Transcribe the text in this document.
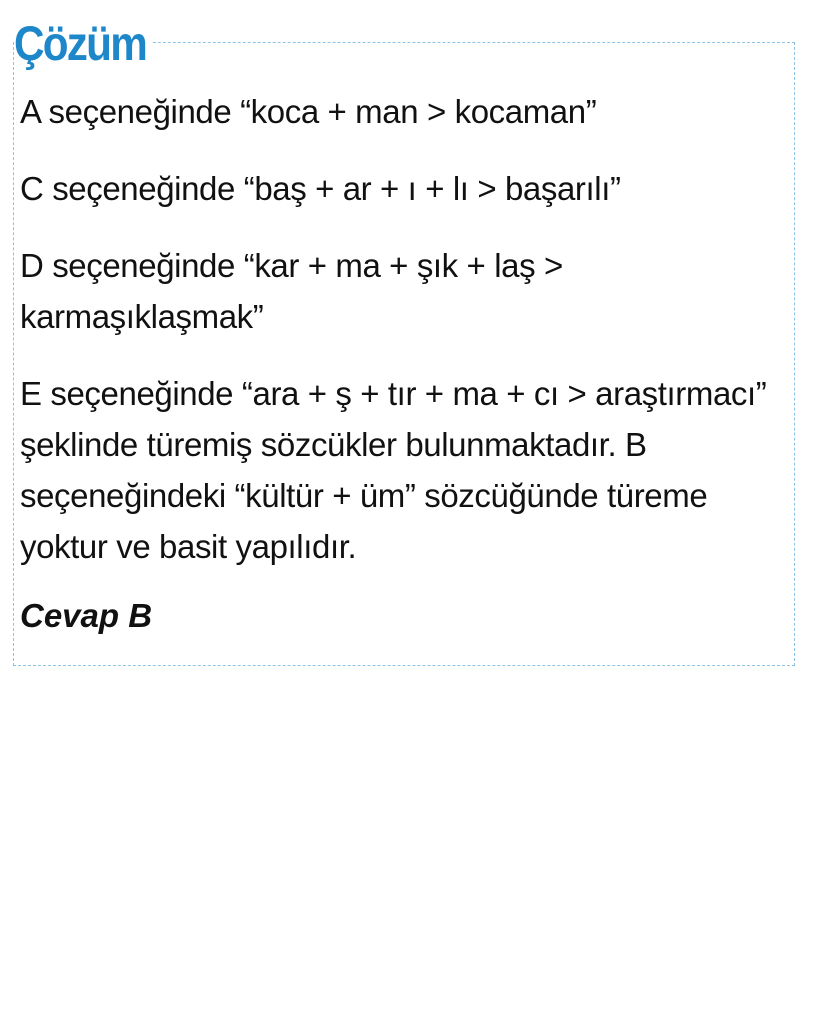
Çözüm

A seçeneğinde “koca + man > kocaman”

C seçeneğinde “baş + ar + ı + lı > başarılı”

D seçeneğinde “kar + ma + şık + laş > karmaşıklaşmak”

E seçeneğinde “ara + ş + tır + ma + cı > araştırmacı” şeklinde türemiş sözcükler bulunmaktadır. B seçeneğindeki “kültür + üm” sözcüğünde türeme yoktur ve basit yapılıdır.

Cevap B
